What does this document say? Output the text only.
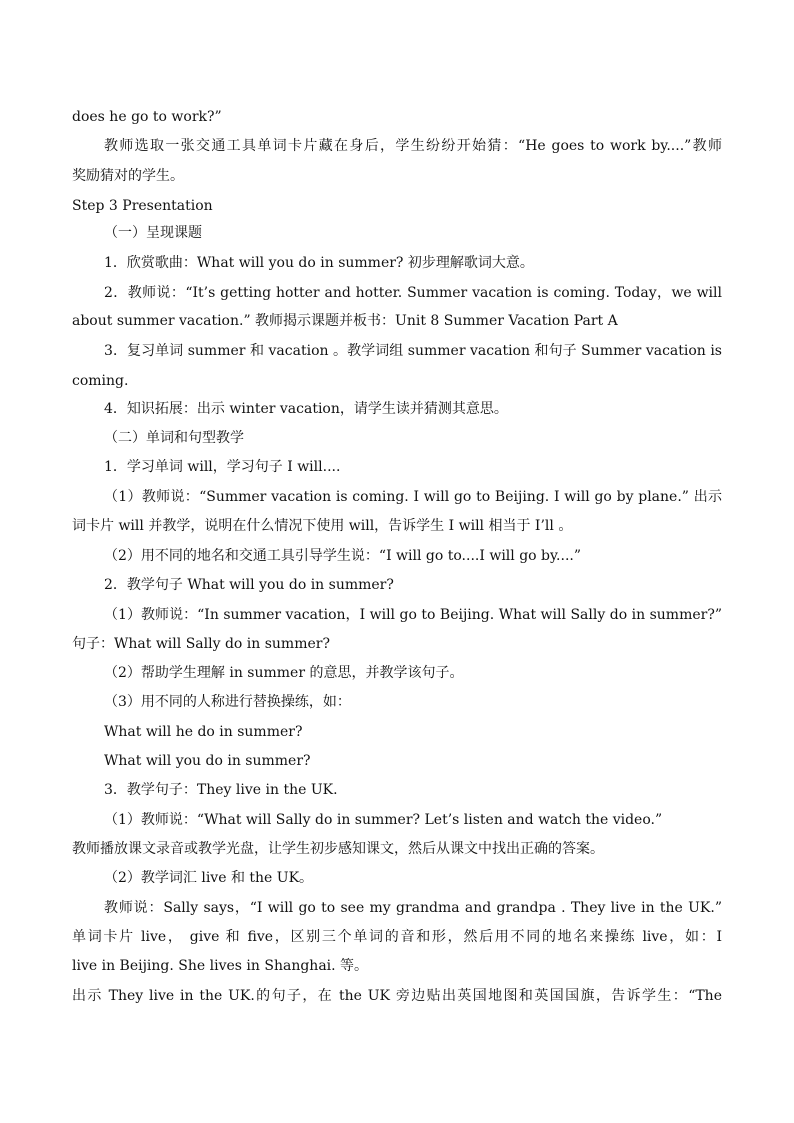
does he go to work?”
教师选取一张交通工具单词卡片藏在身后，学生纷纷开始猜：“He goes to work by....”教师
奖励猜对的学生。
Step 3 Presentation
（一）呈现课题
1．欣赏歌曲：What will you do in summer? 初步理解歌词大意。
2．教师说：“It’s getting hotter and hotter. Summer vacation is coming. Today，we will
about summer vacation.” 教师揭示课题并板书：Unit 8 Summer Vacation Part A
3．复习单词 summer 和 vacation 。教学词组 summer vacation 和句子 Summer vacation is
coming.
4．知识拓展：出示 winter vacation，请学生读并猜测其意思。
（二）单词和句型教学
1．学习单词 will，学习句子 I will....
（1）教师说：“Summer vacation is coming. I will go to Beijing. I will go by plane.” 出示
词卡片 will 并教学，说明在什么情况下使用 will，告诉学生 I will 相当于 I’ll 。
（2）用不同的地名和交通工具引导学生说：“I will go to....I will go by....”
2．教学句子 What will you do in summer?
（1）教师说：“In summer vacation，I will go to Beijing. What will Sally do in summer?”
句子：What will Sally do in summer?
（2）帮助学生理解 in summer 的意思，并教学该句子。
（3）用不同的人称进行替换操练，如：
What will he do in summer?
What will you do in summer?
3．教学句子：They live in the UK.
（1）教师说：“What will Sally do in summer? Let’s listen and watch the video.”
教师播放课文录音或教学光盘，让学生初步感知课文，然后从课文中找出正确的答案。
（2）教学词汇 live 和 the UK。
教师说：Sally says，“I will go to see my grandma and grandpa . They live in the UK.”
单词卡片 live， give 和 five，区别三个单词的音和形，然后用不同的地名来操练 live，如：I
live in Beijing. She lives in Shanghai. 等。
出示 They live in the UK.的句子，在 the UK 旁边贴出英国地图和英国国旗，告诉学生：“The
